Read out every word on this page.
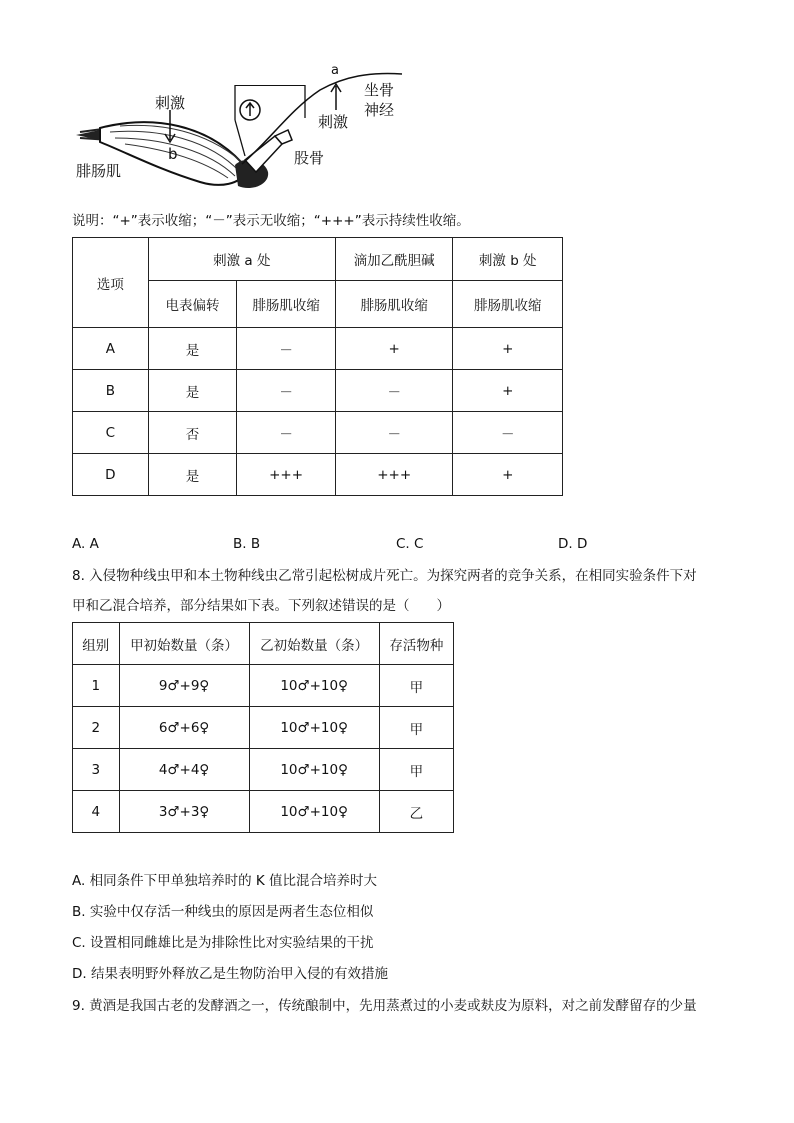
刺激
b
腓肠肌
a
刺激
坐骨
神经
股骨
说明：“+”表示收缩；“－”表示无收缩；“+++”表示持续性收缩。
选项	刺激 a 处		滴加乙酰胆碱	刺激 b 处
	电表偏转	腓肠肌收缩	腓肠肌收缩	腓肠肌收缩
A	是	－	+	+
B	是	－	－	+
C	否	－	－	－
D	是	+++	+++	+
A. A	B. B	C. C	D. D
8. 入侵物种线虫甲和本土物种线虫乙常引起松树成片死亡。为探究两者的竞争关系，在相同实验条件下对
甲和乙混合培养，部分结果如下表。下列叙述错误的是（　　）
组别	甲初始数量（条）	乙初始数量（条）	存活物种
1	9♂+9♀	10♂+10♀	甲
2	6♂+6♀	10♂+10♀	甲
3	4♂+4♀	10♂+10♀	甲
4	3♂+3♀	10♂+10♀	乙
A. 相同条件下甲单独培养时的 K 值比混合培养时大
B. 实验中仅存活一种线虫的原因是两者生态位相似
C. 设置相同雌雄比是为排除性比对实验结果的干扰
D. 结果表明野外释放乙是生物防治甲入侵的有效措施
9. 黄酒是我国古老的发酵酒之一，传统酿制中，先用蒸煮过的小麦或麸皮为原料，对之前发酵留存的少量
